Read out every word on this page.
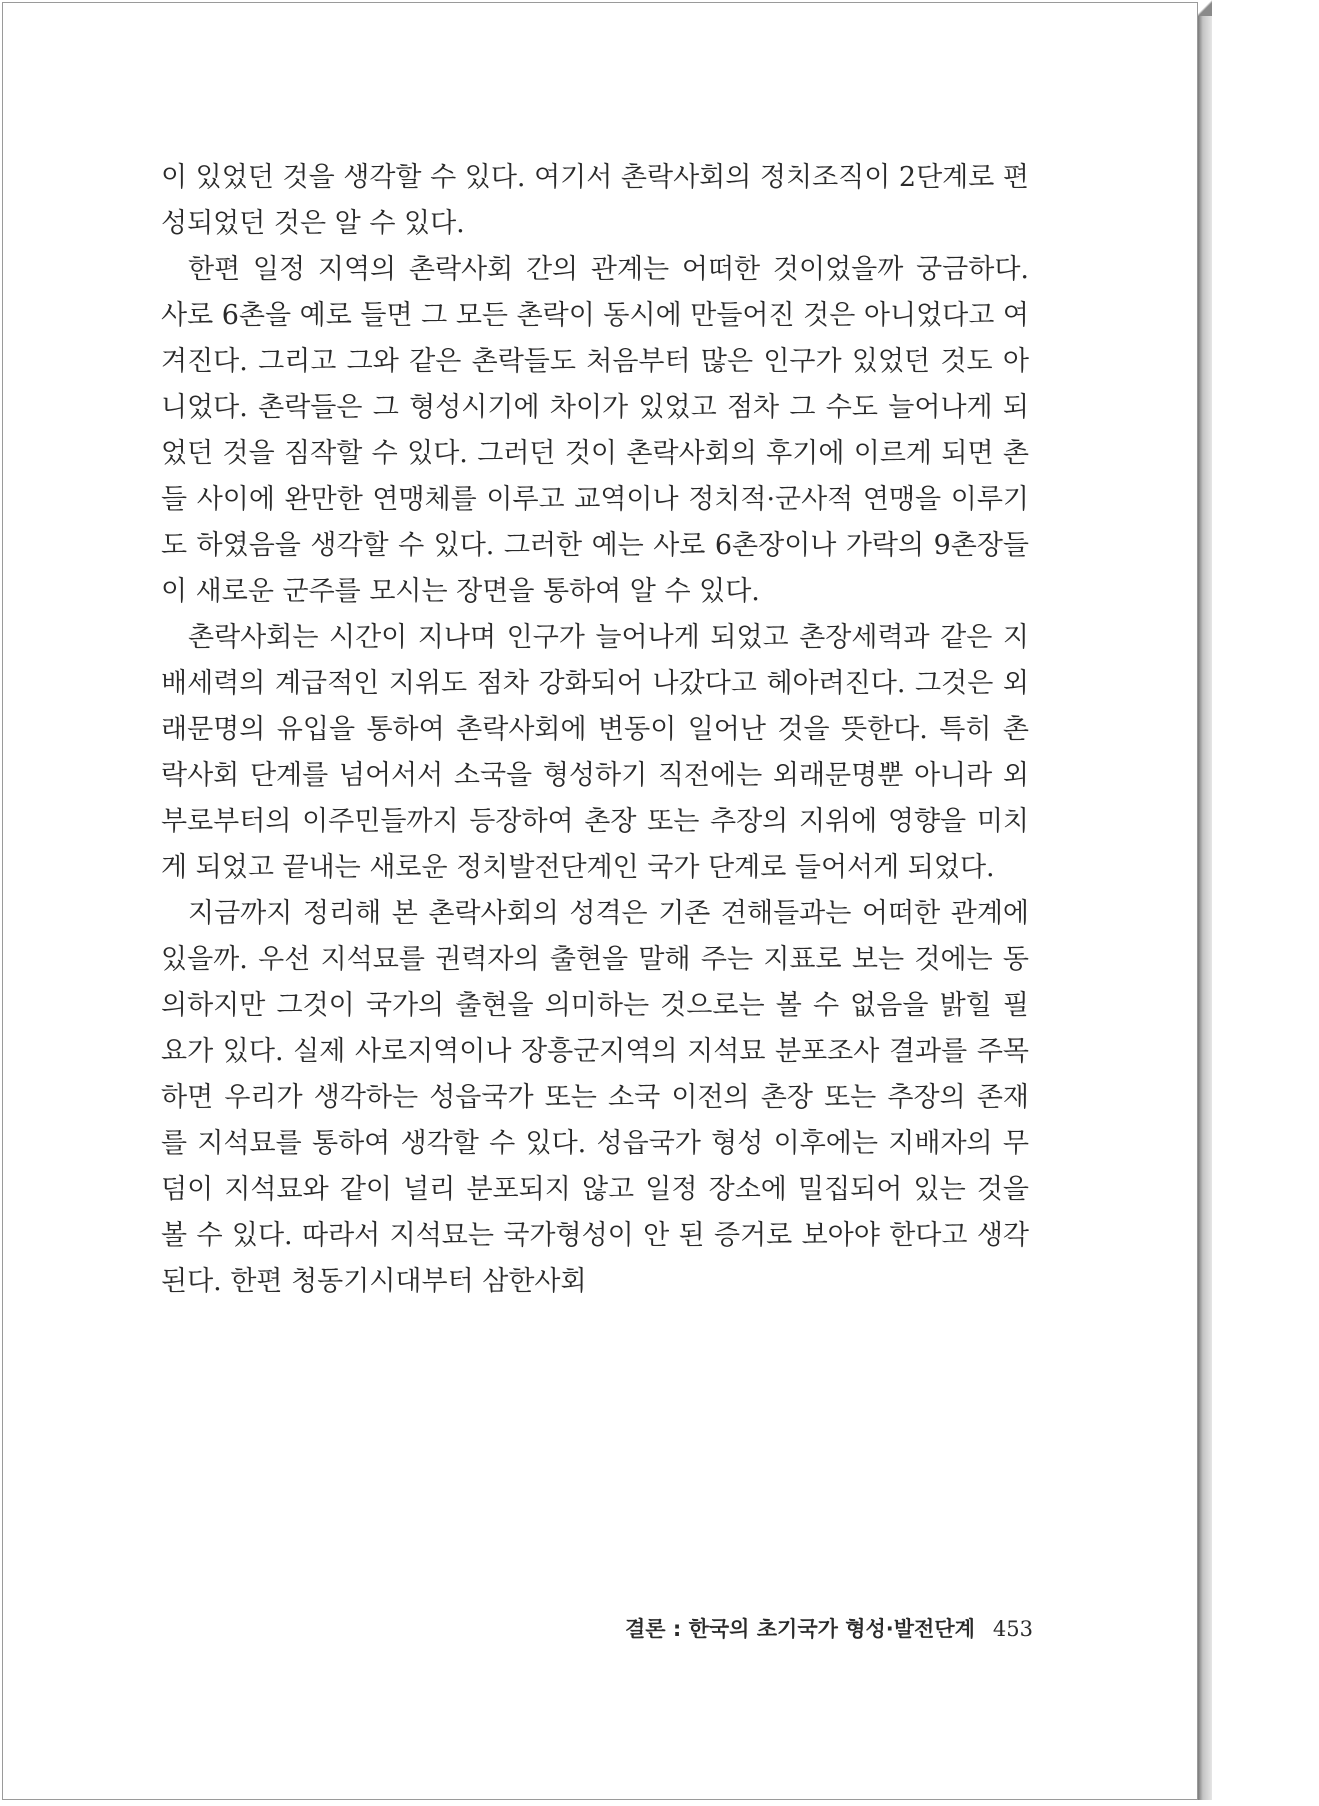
이 있었던 것을 생각할 수 있다. 여기서 촌락사회의 정치조직이 2단계로 편성되었던 것은 알 수 있다.

한편 일정 지역의 촌락사회 간의 관계는 어떠한 것이었을까 궁금하다. 사로 6촌을 예로 들면 그 모든 촌락이 동시에 만들어진 것은 아니었다고 여겨진다. 그리고 그와 같은 촌락들도 처음부터 많은 인구가 있었던 것도 아니었다. 촌락들은 그 형성시기에 차이가 있었고 점차 그 수도 늘어나게 되었던 것을 짐작할 수 있다. 그러던 것이 촌락사회의 후기에 이르게 되면 촌들 사이에 완만한 연맹체를 이루고 교역이나 정치적·군사적 연맹을 이루기도 하였음을 생각할 수 있다. 그러한 예는 사로 6촌장이나 가락의 9촌장들이 새로운 군주를 모시는 장면을 통하여 알 수 있다.

촌락사회는 시간이 지나며 인구가 늘어나게 되었고 촌장세력과 같은 지배세력의 계급적인 지위도 점차 강화되어 나갔다고 헤아려진다. 그것은 외래문명의 유입을 통하여 촌락사회에 변동이 일어난 것을 뜻한다. 특히 촌락사회 단계를 넘어서서 소국을 형성하기 직전에는 외래문명뿐 아니라 외부로부터의 이주민들까지 등장하여 촌장 또는 추장의 지위에 영향을 미치게 되었고 끝내는 새로운 정치발전단계인 국가 단계로 들어서게 되었다.

지금까지 정리해 본 촌락사회의 성격은 기존 견해들과는 어떠한 관계에 있을까. 우선 지석묘를 권력자의 출현을 말해 주는 지표로 보는 것에는 동의하지만 그것이 국가의 출현을 의미하는 것으로는 볼 수 없음을 밝힐 필요가 있다. 실제 사로지역이나 장흥군지역의 지석묘 분포조사 결과를 주목하면 우리가 생각하는 성읍국가 또는 소국 이전의 촌장 또는 추장의 존재를 지석묘를 통하여 생각할 수 있다. 성읍국가 형성 이후에는 지배자의 무덤이 지석묘와 같이 널리 분포되지 않고 일정 장소에 밀집되어 있는 것을 볼 수 있다. 따라서 지석묘는 국가형성이 안 된 증거로 보아야 한다고 생각된다. 한편 청동기시대부터 삼한사회

결론 : 한국의 초기국가 형성·발전단계 453
